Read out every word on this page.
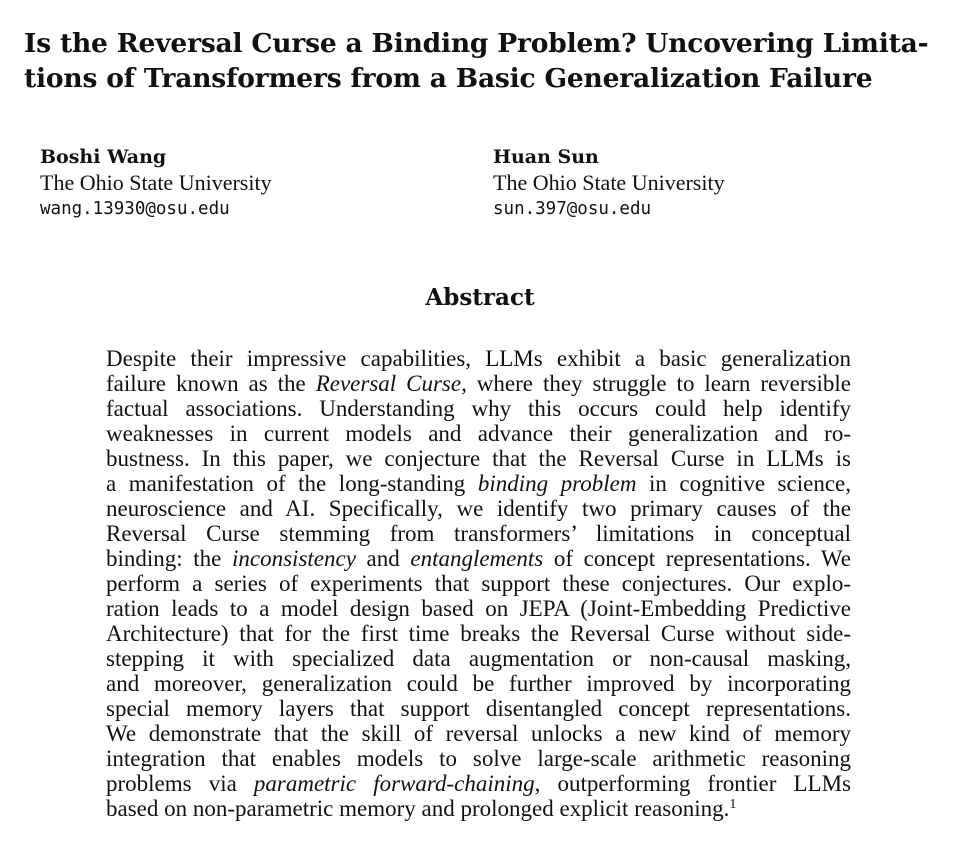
Is the Reversal Curse a Binding Problem? Uncovering Limita-
tions of Transformers from a Basic Generalization Failure
Boshi Wang
The Ohio State University
wang.13930@osu.edu
Huan Sun
The Ohio State University
sun.397@osu.edu
Abstract
Despite their impressive capabilities, LLMs exhibit a basic generalization
failure known as the Reversal Curse, where they struggle to learn reversible
factual associations. Understanding why this occurs could help identify
weaknesses in current models and advance their generalization and ro-
bustness. In this paper, we conjecture that the Reversal Curse in LLMs is
a manifestation of the long-standing binding problem in cognitive science,
neuroscience and AI. Specifically, we identify two primary causes of the
Reversal Curse stemming from transformers’ limitations in conceptual
binding: the inconsistency and entanglements of concept representations. We
perform a series of experiments that support these conjectures. Our explo-
ration leads to a model design based on JEPA (Joint-Embedding Predictive
Architecture) that for the first time breaks the Reversal Curse without side-
stepping it with specialized data augmentation or non-causal masking,
and moreover, generalization could be further improved by incorporating
special memory layers that support disentangled concept representations.
We demonstrate that the skill of reversal unlocks a new kind of memory
integration that enables models to solve large-scale arithmetic reasoning
problems via parametric forward-chaining, outperforming frontier LLMs
based on non-parametric memory and prolonged explicit reasoning.$^1$
